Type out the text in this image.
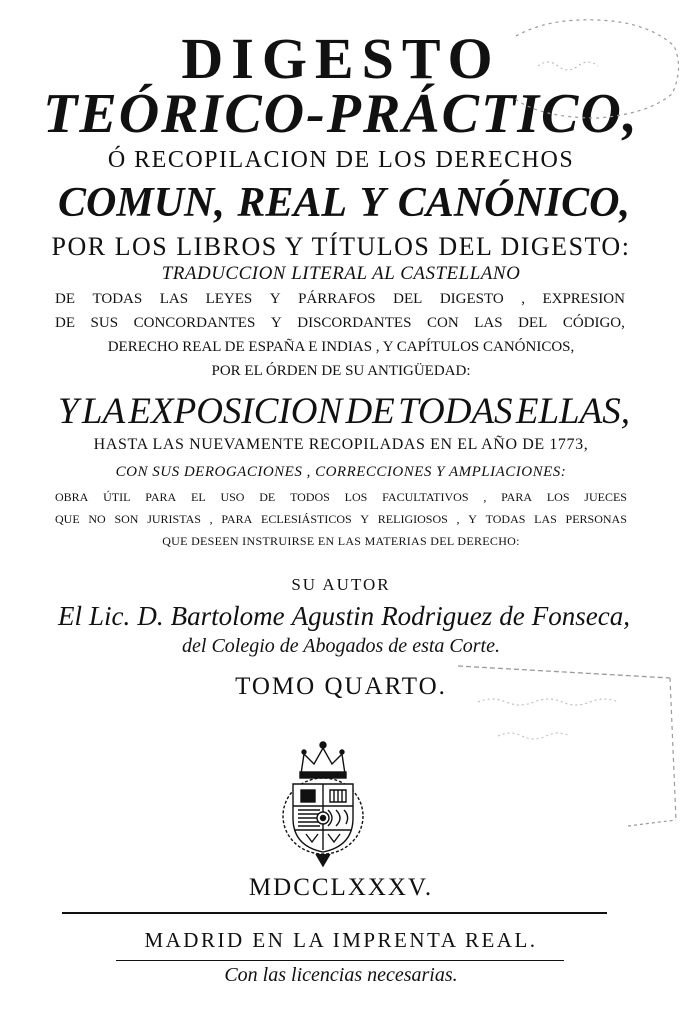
DIGESTO
TEÓRICO-PRÁCTICO,
Ó RECOPILACION DE LOS DERECHOS
COMUN, REAL Y CANÓNICO,
POR LOS LIBROS Y TÍTULOS DEL DIGESTO:
TRADUCCION LITERAL AL CASTELLANO
DE TODAS LAS LEYES Y PÁRRAFOS DEL DIGESTO , EXPRESION
DE SUS CONCORDANTES Y DISCORDANTES CON LAS DEL CÓDIGO,
DERECHO REAL DE ESPAÑA E INDIAS , Y CAPÍTULOS CANÓNICOS,
POR EL ÓRDEN DE SU ANTIGÜEDAD:
Y LA EXPOSICION DE TODAS ELLAS,
HASTA LAS NUEVAMENTE RECOPILADAS EN EL AÑO DE 1773,
CON SUS DEROGACIONES , CORRECCIONES Y AMPLIACIONES:
OBRA ÚTIL PARA EL USO DE TODOS LOS FACULTATIVOS , PARA LOS JUECES
QUE NO SON JURISTAS , PARA ECLESIÁSTICOS Y RELIGIOSOS , Y TODAS LAS PERSONAS
QUE DESEEN INSTRUIRSE EN LAS MATERIAS DEL DERECHO:
SU AUTOR
El Lic. D. Bartolome Agustin Rodriguez de Fonseca,
del Colegio de Abogados de esta Corte.
TOMO QUARTO.
MDCCLXXXV.
MADRID EN LA IMPRENTA REAL.
Con las licencias necesarias.
